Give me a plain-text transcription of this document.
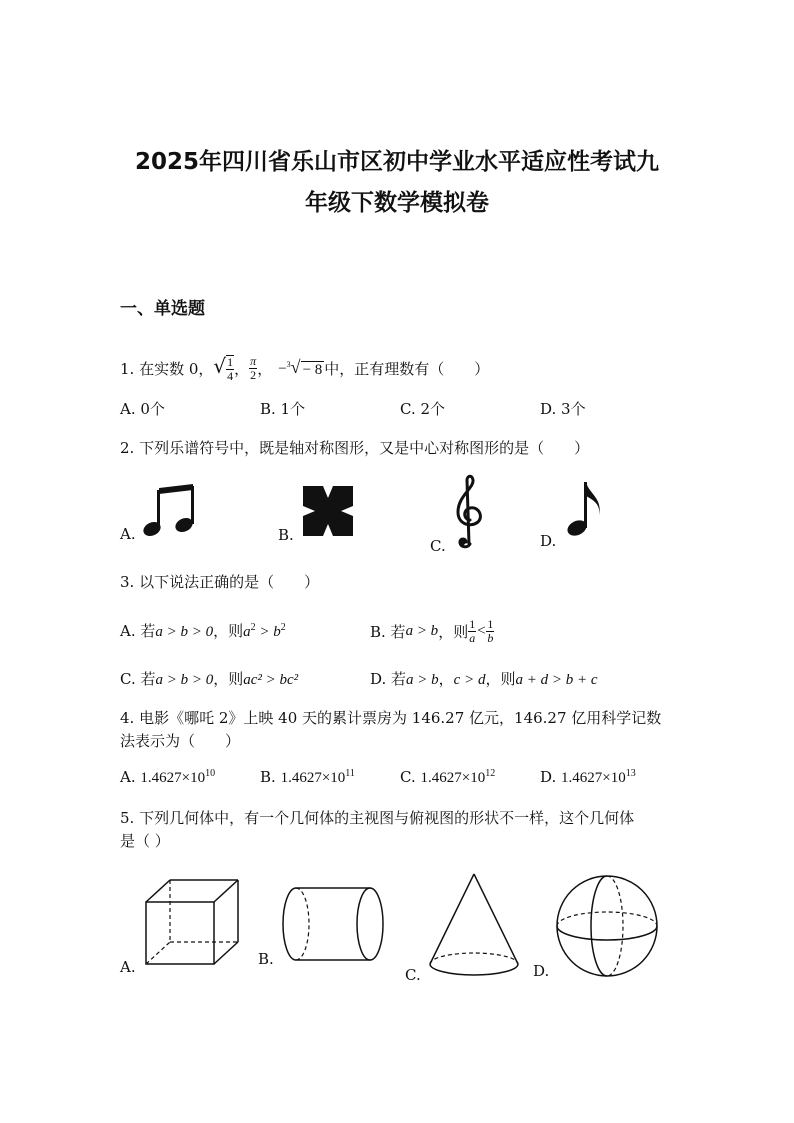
2025年四川省乐山市区初中学业水平适应性考试九
年级下数学模拟卷
一、单选题
1. 在实数 0， √ $\frac{1}{4}$ ， $\frac{\pi}{2}$ ， −$^3$√ − 8 中，正有理数有（　　）
A. 0个	B. 1个	C. 2个	D. 3个
2. 下列乐谱符号中，既是轴对称图形，又是中心对称图形的是（　　）
A.	B.
C.	D.
3. 以下说法正确的是（　　）
A. 若a > b > 0，则$a^2 > b^2$	B. 若 a > b ，则 $\frac{1}{a} < \frac{1}{b}$
C. 若a > b > 0，则ac² > bc²	D. 若a > b，c > d，则a + d > b + c
4. 电影《哪吒 2》上映 40 天的累计票房为 146.27 亿元，146.27 亿用科学记数
法表示为（　　）
A. $1.4627\times 10^{10}$	B. $1.4627\times 10^{11}$	C. $1.4627\times 10^{12}$	D. $1.4627\times 10^{13}$
5. 下列几何体中，有一个几何体的主视图与俯视图的形状不一样，这个几何体
是（ ）
A.	B.
C.	D.
